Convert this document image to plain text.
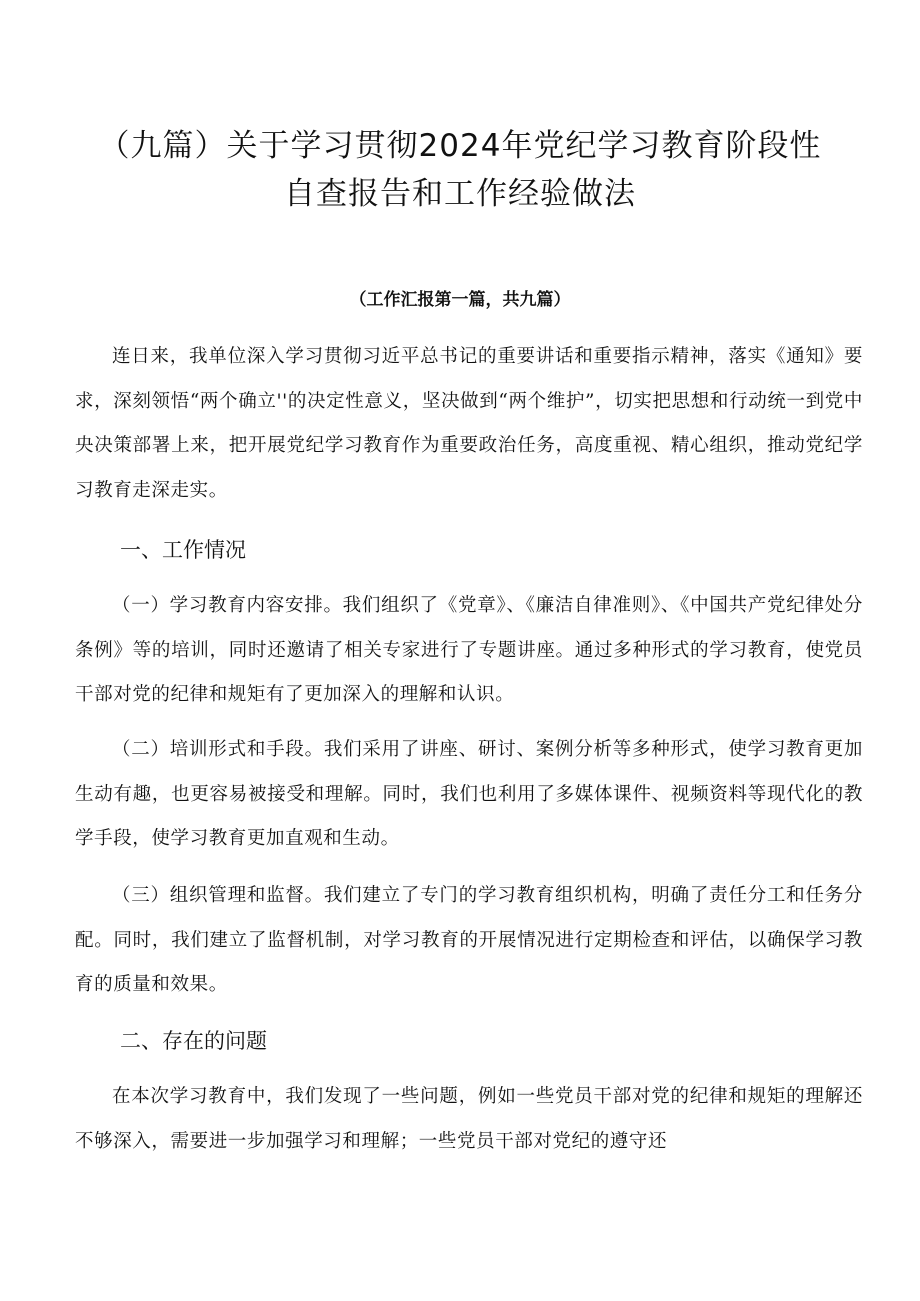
（九篇）关于学习贯彻2024年党纪学习教育阶段性
自查报告和工作经验做法

（工作汇报第一篇，共九篇）

连日来，我单位深入学习贯彻习近平总书记的重要讲话和重要指示精神，落实《通知》要求，深刻领悟“两个确立''的决定性意义，坚决做到“两个维护”，切实把思想和行动统一到党中央决策部署上来，把开展党纪学习教育作为重要政治任务，高度重视、精心组织，推动党纪学习教育走深走实。

一、工作情况

（一）学习教育内容安排。我们组织了《党章》、《廉洁自律准则》、《中国共产党纪律处分条例》等的培训，同时还邀请了相关专家进行了专题讲座。通过多种形式的学习教育，使党员干部对党的纪律和规矩有了更加深入的理解和认识。

（二）培训形式和手段。我们采用了讲座、研讨、案例分析等多种形式，使学习教育更加生动有趣，也更容易被接受和理解。同时，我们也利用了多媒体课件、视频资料等现代化的教学手段，使学习教育更加直观和生动。

（三）组织管理和监督。我们建立了专门的学习教育组织机构，明确了责任分工和任务分配。同时，我们建立了监督机制，对学习教育的开展情况进行定期检查和评估，以确保学习教育的质量和效果。

二、存在的问题

在本次学习教育中，我们发现了一些问题，例如一些党员干部对党的纪律和规矩的理解还不够深入，需要进一步加强学习和理解；一些党员干部对党纪的遵守还
